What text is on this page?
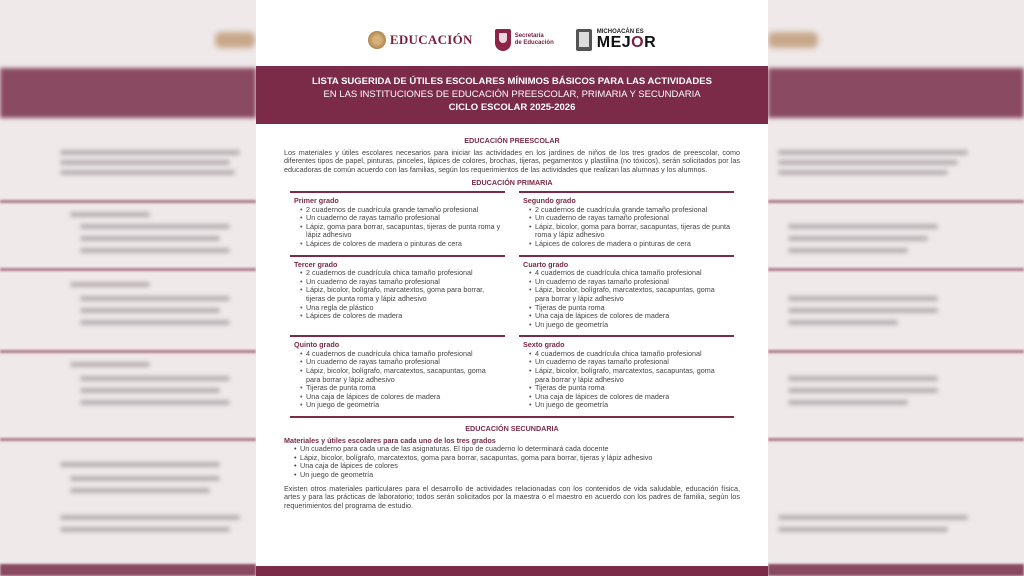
EDUCACIÓN	Secretaría
de Educación
MICHOACÁN ES
MEJOR
LISTA SUGERIDA DE ÚTILES ESCOLARES MÍNIMOS BÁSICOS PARA LAS ACTIVIDADES
EN LAS INSTITUCIONES DE EDUCACIÓN PREESCOLAR, PRIMARIA Y SECUNDARIA
CICLO ESCOLAR 2025-2026
EDUCACIÓN PREESCOLAR

Los materiales y útiles escolares necesarios para iniciar las actividades en los jardines de niños de los tres grados de preescolar, como diferentes tipos de papel, pinturas, pinceles, lápices de colores, brochas, tijeras, pegamentos y plastilina (no tóxicos), serán solicitados por las educadoras de común acuerdo con las familias, según los requerimientos de las actividades que realizan las alumnas y los alumnos.

EDUCACIÓN PRIMARIA
Primer grado
• 2 cuadernos de cuadrícula grande tamaño profesional
• Un cuaderno de rayas tamaño profesional
• Lápiz, goma para borrar, sacapuntas, tijeras de punta roma y lápiz adhesivo
• Lápices de colores de madera o pinturas de cera
Segundo grado
• 2 cuadernos de cuadrícula grande tamaño profesional
• Un cuaderno de rayas tamaño profesional
• Lápiz, bicolor, goma para borrar, sacapuntas, tijeras de punta roma y lápiz adhesivo
• Lápices de colores de madera o pinturas de cera
Tercer grado
• 2 cuadernos de cuadrícula chica tamaño profesional
• Un cuaderno de rayas tamaño profesional
• Lápiz, bicolor, bolígrafo, marcatextos, goma para borrar, tijeras de punta roma y lápiz adhesivo
• Una regla de plástico
• Lápices de colores de madera
Cuarto grado
• 4 cuadernos de cuadrícula chica tamaño profesional
• Un cuaderno de rayas tamaño profesional
• Lápiz, bicolor, bolígrafo, marcatextos, sacapuntas, goma para borrar y lápiz adhesivo
• Tijeras de punta roma
• Una caja de lápices de colores de madera
• Un juego de geometría
Quinto grado
• 4 cuadernos de cuadrícula chica tamaño profesional
• Un cuaderno de rayas tamaño profesional
• Lápiz, bicolor, bolígrafo, marcatextos, sacapuntas, goma para borrar y lápiz adhesivo
• Tijeras de punta roma
• Una caja de lápices de colores de madera
• Un juego de geometría
Sexto grado
• 4 cuadernos de cuadrícula chica tamaño profesional
• Un cuaderno de rayas tamaño profesional
• Lápiz, bicolor, bolígrafo, marcatextos, sacapuntas, goma para borrar y lápiz adhesivo
• Tijeras de punta roma
• Una caja de lápices de colores de madera
• Un juego de geometría
EDUCACIÓN SECUNDARIA
Materiales y útiles escolares para cada uno de los tres grados
• Un cuaderno para cada una de las asignaturas. El tipo de cuaderno lo determinará cada docente
• Lápiz, bicolor, bolígrafo, marcatextos, goma para borrar, sacapuntas, goma para borrar, tijeras y lápiz adhesivo
• Una caja de lápices de colores
• Un juego de geometría

Existen otros materiales particulares para el desarrollo de actividades relacionadas con los contenidos de vida saludable, educación física, artes y para las prácticas de laboratorio; todos serán solicitados por la maestra o el maestro en acuerdo con los padres de familia, según los requerimientos del programa de estudio.
